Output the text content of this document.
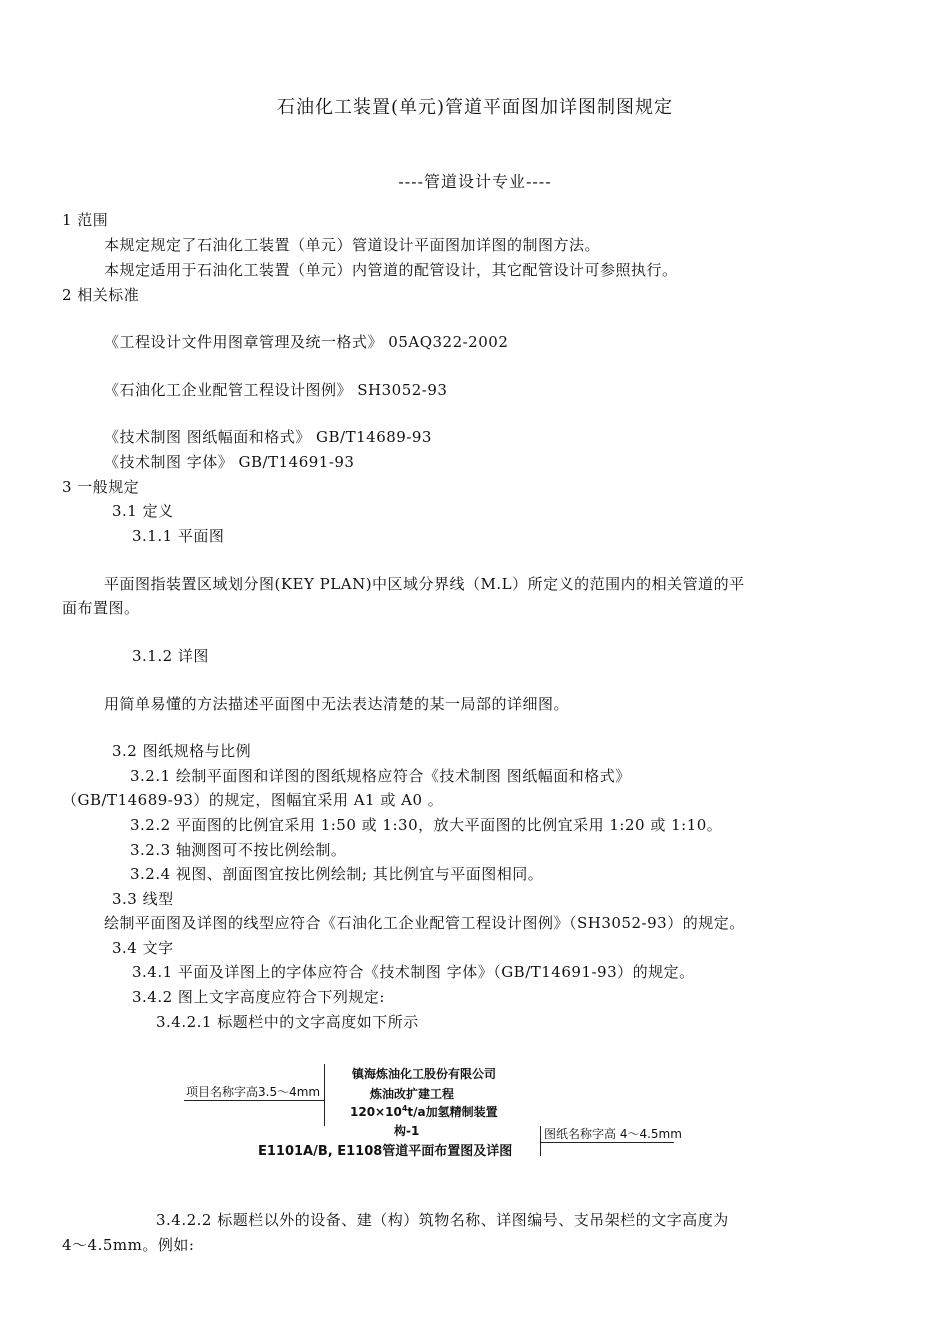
石油化工装置(单元)管道平面图加详图制图规定
----管道设计专业----
1 范围
本规定规定了石油化工装置（单元）管道设计平面图加详图的制图方法。
本规定适用于石油化工装置（单元）内管道的配管设计，其它配管设计可参照执行。
2 相关标准
《工程设计文件用图章管理及统一格式》 05AQ322-2002
《石油化工企业配管工程设计图例》 SH3052-93
《技术制图 图纸幅面和格式》 GB/T14689-93
《技术制图 字体》 GB/T14691-93
3 一般规定
3.1 定义
3.1.1 平面图
平面图指装置区域划分图(KEY PLAN)中区域分界线（M.L）所定义的范围内的相关管道的平
面布置图。
3.1.2 详图
用简单易懂的方法描述平面图中无法表达清楚的某一局部的详细图。
3.2 图纸规格与比例
3.2.1 绘制平面图和详图的图纸规格应符合《技术制图 图纸幅面和格式》
（GB/T14689-93）的规定，图幅宜采用 A1 或 A0 。
3.2.2 平面图的比例宜采用 1:50 或 1:30，放大平面图的比例宜采用 1:20 或 1:10。
3.2.3 轴测图可不按比例绘制。
3.2.4 视图、剖面图宜按比例绘制; 其比例宜与平面图相同。
3.3 线型
绘制平面图及详图的线型应符合《石油化工企业配管工程设计图例》（SH3052-93）的规定。
3.4 文字
3.4.1 平面及详图上的字体应符合《技术制图 字体》（GB/T14691-93）的规定。
3.4.2 图上文字高度应符合下列规定:
3.4.2.1 标题栏中的文字高度如下所示
项目名称字高3.5～4mm
镇海炼油化工股份有限公司
炼油改扩建工程
$120\times 10^4t/a$加氢精制装置
构-1
E1101A/B, E1108管道平面布置图及详图
图纸名称字高 4～4.5mm
3.4.2.2 标题栏以外的设备、建（构）筑物名称、详图编号、支吊架栏的文字高度为
4～4.5mm。例如:
